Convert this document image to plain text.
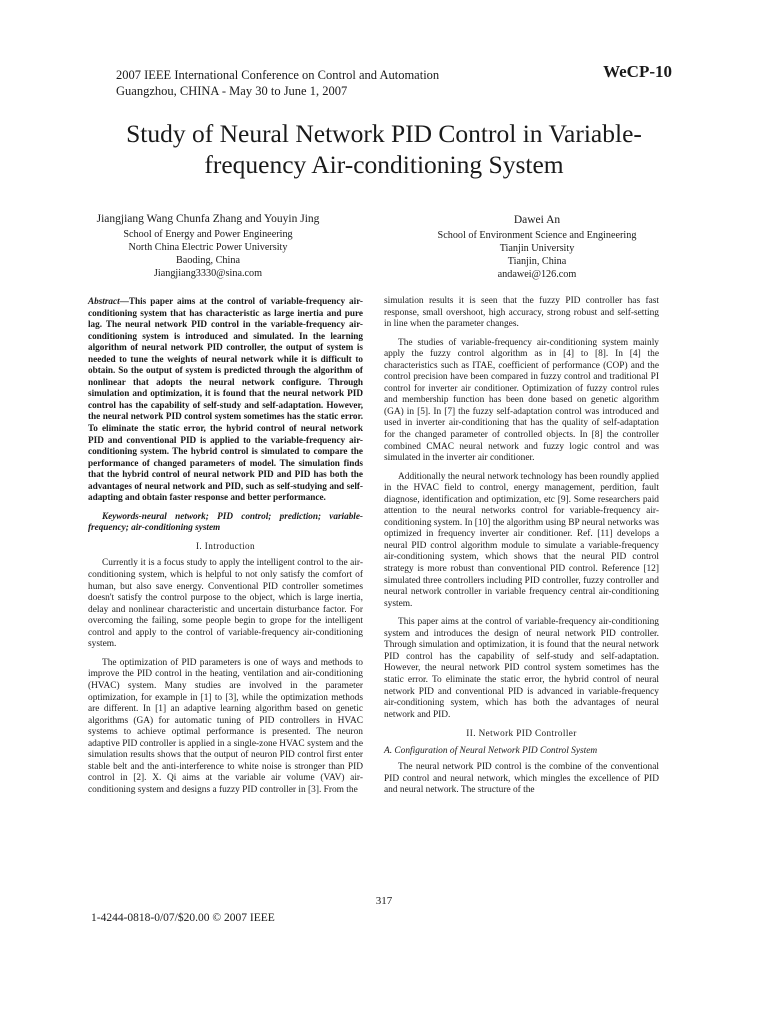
2007 IEEE International Conference on Control and Automation
Guangzhou, CHINA - May 30 to June 1, 2007
WeCP-10
Study of Neural Network PID Control in Variable-frequency Air-conditioning System
Jiangjiang Wang Chunfa Zhang and Youyin Jing
School of Energy and Power Engineering
North China Electric Power University
Baoding, China
Jiangjiang3330@sina.com
Dawei An
School of Environment Science and Engineering
Tianjin University
Tianjin, China
andawei@126.com

Abstract—This paper aims at the control of variable-frequency air-conditioning system that has characteristic as large inertia and pure lag. The neural network PID control in the variable-frequency air-conditioning system is introduced and simulated. In the learning algorithm of neural network PID controller, the output of system is needed to tune the weights of neural network while it is difficult to obtain. So the output of system is predicted through the algorithm of nonlinear that adopts the neural network configure. Through simulation and optimization, it is found that the neural network PID control has the capability of self-study and self-adaptation. However, the neural network PID control system sometimes has the static error. To eliminate the static error, the hybrid control of neural network PID and conventional PID is applied to the variable-frequency air-conditioning system. The hybrid control is simulated to compare the performance of changed parameters of model. The simulation finds that the hybrid control of neural network PID and PID has both the advantages of neural network and PID, such as self-studying and self-adapting and obtain faster response and better performance.

Keywords-neural network; PID control; prediction; variable-frequency; air-conditioning system

I. Introduction

Currently it is a focus study to apply the intelligent control to the air-conditioning system, which is helpful to not only satisfy the comfort of human, but also save energy. Conventional PID controller sometimes doesn't satisfy the control purpose to the object, which is large inertia, delay and nonlinear characteristic and uncertain disturbance factor. For overcoming the failing, some people begin to grope for the intelligent control and apply to the control of variable-frequency air-conditioning system.

The optimization of PID parameters is one of ways and methods to improve the PID control in the heating, ventilation and air-conditioning (HVAC) system. Many studies are involved in the parameter optimization, for example in [1] to [3], while the optimization methods are different. In [1] an adaptive learning algorithm based on genetic algorithms (GA) for automatic tuning of PID controllers in HVAC systems to achieve optimal performance is presented. The neuron adaptive PID controller is applied in a single-zone HVAC system and the simulation results shows that the output of neuron PID control first enter stable belt and the anti-interference to white noise is stronger than PID control in [2]. X. Qi aims at the variable air volume (VAV) air-conditioning system and designs a fuzzy PID controller in [3]. From the

simulation results it is seen that the fuzzy PID controller has fast response, small overshoot, high accuracy, strong robust and self-setting in line when the parameter changes.

The studies of variable-frequency air-conditioning system mainly apply the fuzzy control algorithm as in [4] to [8]. In [4] the characteristics such as ITAE, coefficient of performance (COP) and the control precision have been compared in fuzzy control and traditional PI control for inverter air conditioner. Optimization of fuzzy control rules and membership function has been done based on genetic algorithm (GA) in [5]. In [7] the fuzzy self-adaptation control was introduced and used in inverter air-conditioning that has the quality of self-adaptation for the changed parameter of controlled objects. In [8] the controller combined CMAC neural network and fuzzy logic control and was simulated in the inverter air conditioner.

Additionally the neural network technology has been roundly applied in the HVAC field to control, energy management, perdition, fault diagnose, identification and optimization, etc [9]. Some researchers paid attention to the neural networks control for variable-frequency air-conditioning system. In [10] the algorithm using BP neural networks was optimized in frequency inverter air conditioner. Ref. [11] develops a neural PID control algorithm module to simulate a variable-frequency air-conditioning system, which shows that the neural PID control strategy is more robust than conventional PID control. Reference [12] simulated three controllers including PID controller, fuzzy controller and neural network controller in variable frequency central air-conditioning system.

This paper aims at the control of variable-frequency air-conditioning system and introduces the design of neural network PID controller. Through simulation and optimization, it is found that the neural network PID control has the capability of self-study and self-adaptation. However, the neural network PID control system sometimes has the static error. To eliminate the static error, the hybrid control of neural network PID and conventional PID is advanced in variable-frequency air-conditioning system, which has both the advantages of neural network and PID.

II. Network PID Controller
A. Configuration of Neural Network PID Control System

The neural network PID control is the combine of the conventional PID control and neural network, which mingles the excellence of PID and neural network. The structure of the

317
1-4244-0818-0/07/$20.00 © 2007 IEEE
